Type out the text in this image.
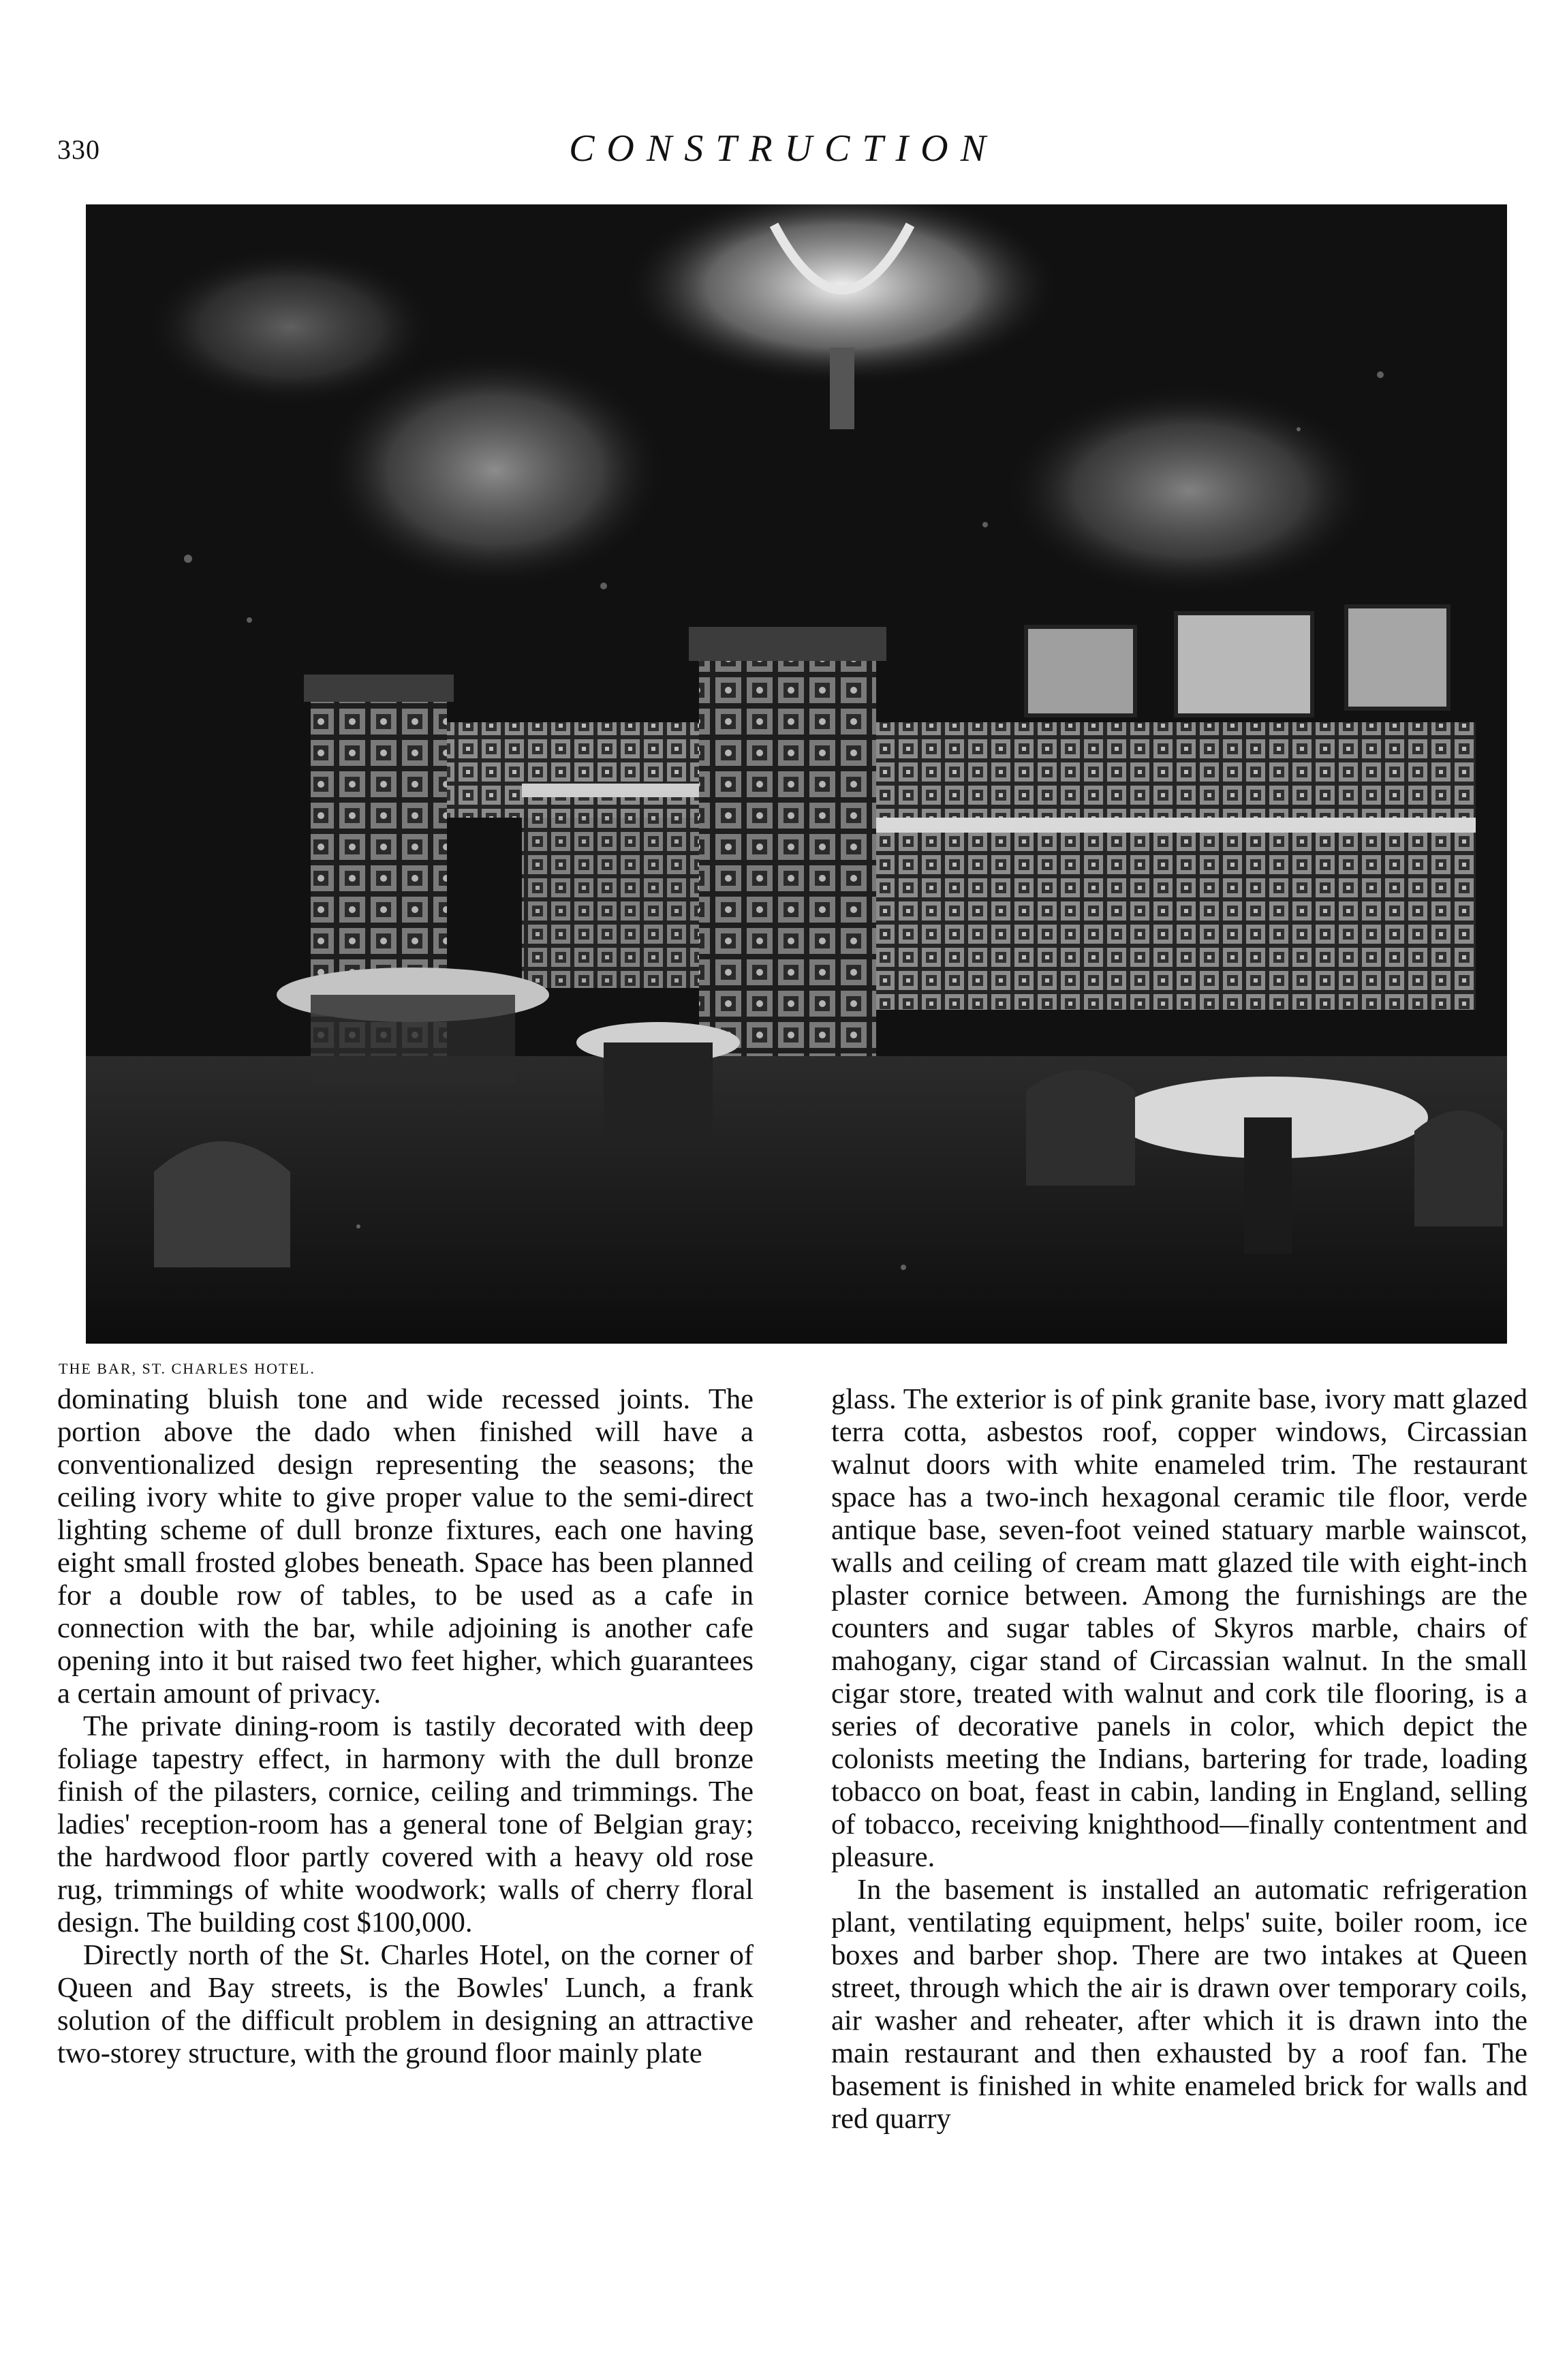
330	CONSTRUCTION
THE BAR, ST. CHARLES HOTEL.

dominating bluish tone and wide recessed joints. The portion above the dado when finished will have a conventionalized design representing the seasons; the ceiling ivory white to give proper value to the semi-direct lighting scheme of dull bronze fixtures, each one having eight small frosted globes beneath. Space has been planned for a double row of tables, to be used as a cafe in connection with the bar, while adjoining is another cafe opening into it but raised two feet higher, which guarantees a certain amount of privacy.

The private dining-room is tastily decorated with deep foliage tapestry effect, in harmony with the dull bronze finish of the pilasters, cornice, ceiling and trimmings. The ladies' reception-room has a general tone of Belgian gray; the hardwood floor partly covered with a heavy old rose rug, trimmings of white woodwork; walls of cherry floral design. The building cost $100,000.

Directly north of the St. Charles Hotel, on the corner of Queen and Bay streets, is the Bowles' Lunch, a frank solution of the difficult problem in designing an attractive two-storey structure, with the ground floor mainly plate

glass. The exterior is of pink granite base, ivory matt glazed terra cotta, asbestos roof, copper windows, Circassian walnut doors with white enameled trim. The restaurant space has a two-inch hexagonal ceramic tile floor, verde antique base, seven-foot veined statuary marble wainscot, walls and ceiling of cream matt glazed tile with eight-inch plaster cornice between. Among the furnishings are the counters and sugar tables of Skyros marble, chairs of mahogany, cigar stand of Circassian walnut. In the small cigar store, treated with walnut and cork tile flooring, is a series of decorative panels in color, which depict the colonists meeting the Indians, bartering for trade, loading tobacco on boat, feast in cabin, landing in England, selling of tobacco, receiving knighthood—finally contentment and pleasure.

In the basement is installed an automatic refrigeration plant, ventilating equipment, helps' suite, boiler room, ice boxes and barber shop. There are two intakes at Queen street, through which the air is drawn over temporary coils, air washer and reheater, after which it is drawn into the main restaurant and then exhausted by a roof fan. The basement is finished in white enameled brick for walls and red quarry
